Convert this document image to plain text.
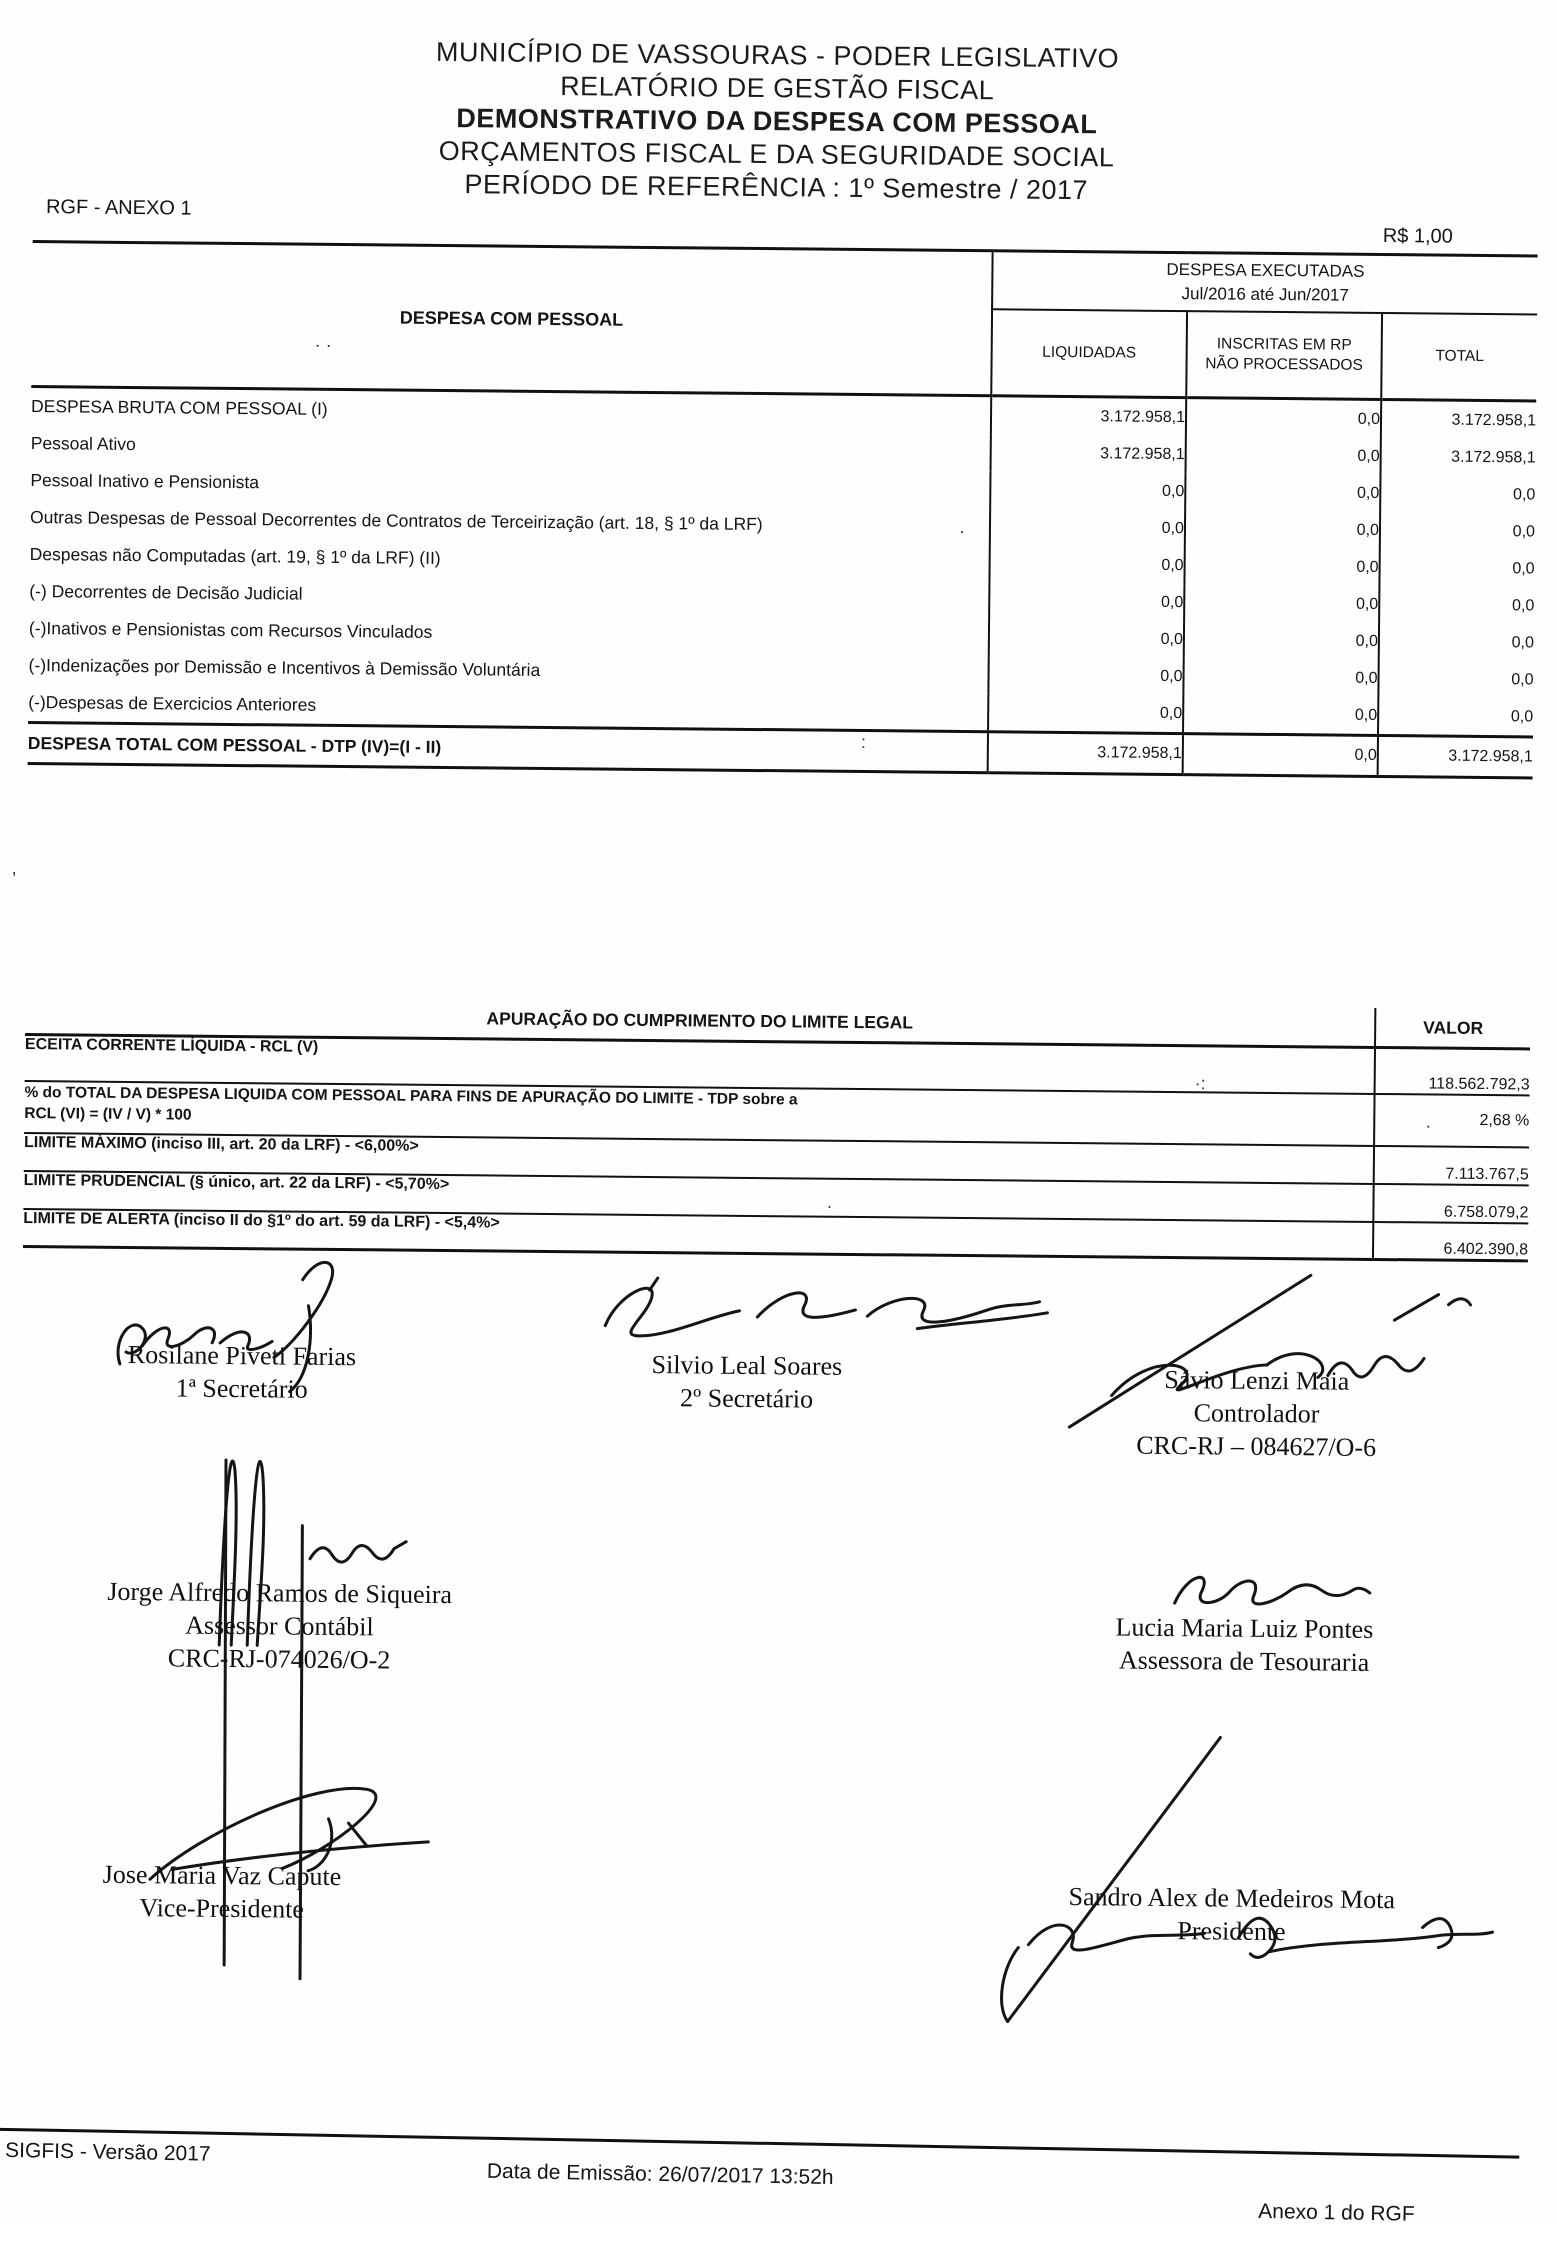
MUNICÍPIO DE VASSOURAS - PODER LEGISLATIVO
RELATÓRIO DE GESTÃO FISCAL
DEMONSTRATIVO DA DESPESA COM PESSOAL
ORÇAMENTOS FISCAL E DA SEGURIDADE SOCIAL
PERÍODO DE REFERÊNCIA : 1º Semestre / 2017
RGF - ANEXO 1
R$ 1,00
DESPESA COM PESSOAL	DESPESA EXECUTADAS
Jul/2016 até Jun/2017		

	LIQUIDADAS	INSCRITAS EM RP
NÃO PROCESSADOS	TOTAL
DESPESA BRUTA COM PESSOAL (I)	3.172.958,1	0,0	3.172.958,1
Pessoal Ativo	3.172.958,1	0,0	3.172.958,1
Pessoal Inativo e Pensionista	0,0	0,0	0,0
Outras Despesas de Pessoal Decorrentes de Contratos de Terceirização (art. 18, § 1º da LRF)	0,0	0,0	0,0
Despesas não Computadas (art. 19, § 1º da LRF) (II)	0,0	0,0	0,0
(-) Decorrentes de Decisão Judicial	0,0	0,0	0,0
(-)Inativos e Pensionistas com Recursos Vinculados	0,0	0,0	0,0
(-)Indenizações por Demissão e Incentivos à Demissão Voluntária	0,0	0,0	0,0
(-)Despesas de Exercicios Anteriores	0,0	0,0	0,0
DESPESA TOTAL COM PESSOAL - DTP (IV)=(I - II)	3.172.958,1	0,0	3.172.958,1
APURAÇÃO DO CUMPRIMENTO DO LIMITE LEGAL	VALOR
ECEITA CORRENTE LÍQUIDA - RCL (V)	118.562.792,3

% do TOTAL DA DESPESA LIQUIDA COM PESSOAL PARA FINS DE APURAÇÃO DO LIMITE - TDP sobre a
RCL (VI) = (IV / V) * 100	2,68 %
LIMITE MÁXIMO (inciso III, art. 20 da LRF) - <6,00%>	7.113.767,5
LIMITE PRUDENCIAL (§ único, art. 22 da LRF) - <5,70%>	6.758.079,2
LIMITE DE ALERTA (inciso II do §1º do art. 59 da LRF) - <5,4%>	6.402.390,8
Rosilane Piveti Farias
1ª Secretário
Silvio Leal Soares
2º Secretário
Sávio Lenzi Maia
Controlador
CRC-RJ – 084627/O-6
Jorge Alfredo Ramos de Siqueira
Assessor Contábil
CRC-RJ-074026/O-2
Lucia Maria Luiz Pontes
Assessora de Tesouraria
Jose Maria Vaz Capute
Vice-Presidente	Sandro Alex de Medeiros Mota
Presidente
SIGFIS - Versão 2017
Data de Emissão: 26/07/2017 13:52h
Anexo 1 do RGF
· ·
·
,
·:
·
·
:
